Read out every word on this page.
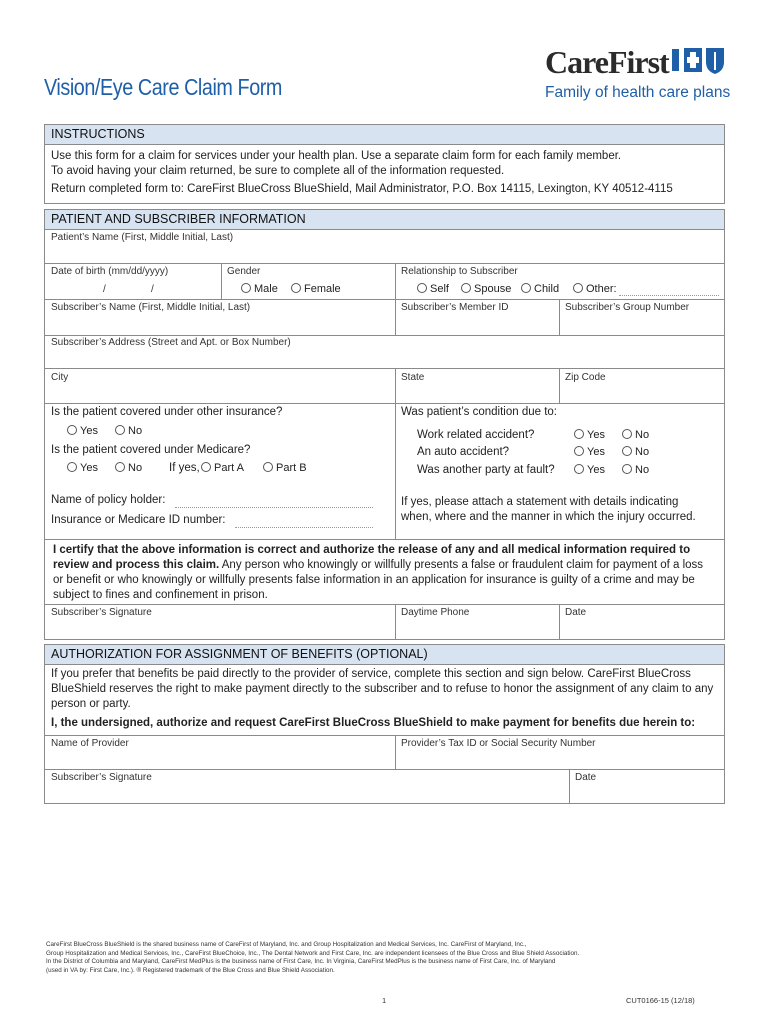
Vision/Eye Care Claim Form
CareFirst
Family of health care plans
INSTRUCTIONS
Use this form for a claim for services under your health plan. Use a separate claim form for each family member.
To avoid having your claim returned, be sure to complete all of the information requested.
Return completed form to: CareFirst BlueCross BlueShield, Mail Administrator, P.O. Box 14115, Lexington, KY 40512-4115
PATIENT AND SUBSCRIBER INFORMATION
Patient’s Name (First, Middle Initial, Last)
Date of birth (mm/dd/yyyy)
/	/
Gender
Male	Female
Relationship to Subscriber
Self	Spouse	Child	Other:
Subscriber’s Name (First, Middle Initial, Last)	Subscriber’s Member ID	Subscriber’s Group Number
Subscriber’s Address (Street and Apt. or Box Number)
City	State	Zip Code
Is the patient covered under other insurance?
Yes	No
Is the patient covered under Medicare?
Yes	No If yes,	Part A	Part B
Name of policy holder:
Insurance or Medicare ID number:
Was patient’s condition due to:
Work related accident?	Yes	No
An auto accident?	Yes	No
Was another party at fault?	Yes	No
If yes, please attach a statement with details indicating
when, where and the manner in which the injury occurred.
I certify that the above information is correct and authorize the release of any and all medical information required to review and process this claim. Any person who knowingly or willfully presents a false or fraudulent claim for payment of a loss or benefit or who knowingly or willfully presents false information in an application for insurance is guilty of a crime and may be subject to fines and confinement in prison.
Subscriber’s Signature	Daytime Phone	Date
AUTHORIZATION FOR ASSIGNMENT OF BENEFITS (OPTIONAL)
If you prefer that benefits be paid directly to the provider of service, complete this section and sign below. CareFirst BlueCross BlueShield reserves the right to make payment directly to the subscriber and to refuse to honor the assignment of any claim to any person or party.
I, the undersigned, authorize and request CareFirst BlueCross BlueShield to make payment for benefits due herein to:
Name of Provider	Provider’s Tax ID or Social Security Number
Subscriber’s Signature	Date
CareFirst BlueCross BlueShield is the shared business name of CareFirst of Maryland, Inc. and Group Hospitalization and Medical Services, Inc. CareFirst of Maryland, Inc.,
Group Hospitalization and Medical Services, Inc., CareFirst BlueChoice, Inc., The Dental Network and First Care, Inc. are independent licensees of the Blue Cross and Blue Shield Association.
In the District of Columbia and Maryland, CareFirst MedPlus is the business name of First Care, Inc. In Virginia, CareFirst MedPlus is the business name of First Care, Inc. of Maryland
(used in VA by: First Care, Inc.). ® Registered trademark of the Blue Cross and Blue Shield Association.
1	CUT0166-15 (12/18)
